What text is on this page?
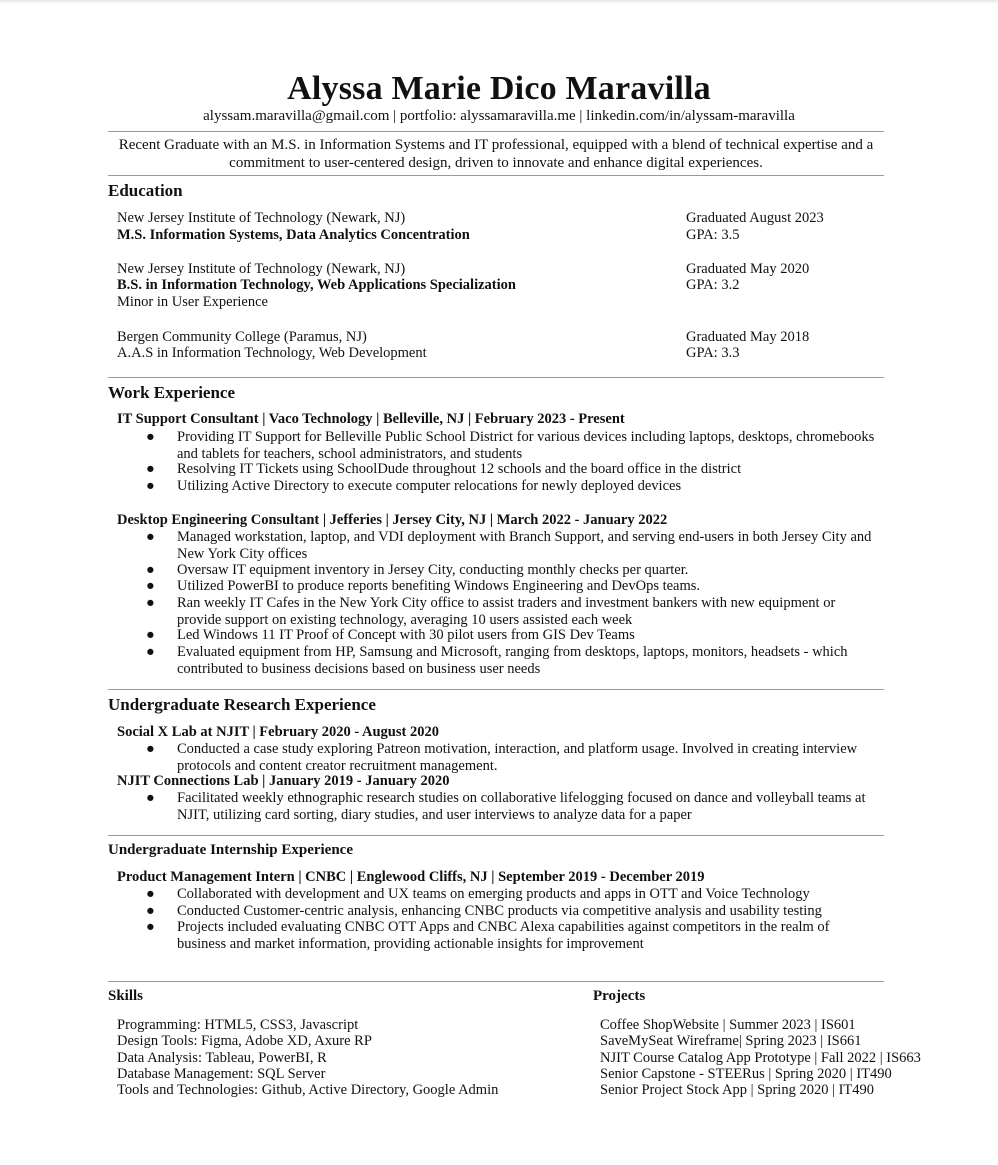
Alyssa Marie Dico Maravilla
alyssam.maravilla@gmail.com | portfolio: alyssamaravilla.me | linkedin.com/in/alyssam-maravilla
Recent Graduate with an M.S. in Information Systems and IT professional, equipped with a blend of technical expertise and a commitment to user-centered design, driven to innovate and enhance digital experiences.
Education
New Jersey Institute of Technology (Newark, NJ)
M.S. Information Systems, Data Analytics Concentration
Graduated August 2023
GPA: 3.5
New Jersey Institute of Technology (Newark, NJ)
B.S. in Information Technology, Web Applications Specialization
Minor in User Experience
Graduated May 2020
GPA: 3.2
Bergen Community College (Paramus, NJ)
A.A.S in Information Technology, Web Development
Graduated May 2018
GPA: 3.3
Work Experience
IT Support Consultant | Vaco Technology | Belleville, NJ | February 2023 - Present
● Providing IT Support for Belleville Public School District for various devices including laptops, desktops, chromebooks and tablets for teachers, school administrators, and students
● Resolving IT Tickets using SchoolDude throughout 12 schools and the board office in the district
● Utilizing Active Directory to execute computer relocations for newly deployed devices
Desktop Engineering Consultant | Jefferies | Jersey City, NJ | March 2022 - January 2022
● Managed workstation, laptop, and VDI deployment with Branch Support, and serving end-users in both Jersey City and New York City offices
● Oversaw IT equipment inventory in Jersey City, conducting monthly checks per quarter.
● Utilized PowerBI to produce reports benefiting Windows Engineering and DevOps teams.
● Ran weekly IT Cafes in the New York City office to assist traders and investment bankers with new equipment or provide support on existing technology, averaging 10 users assisted each week
● Led Windows 11 IT Proof of Concept with 30 pilot users from GIS Dev Teams
● Evaluated equipment from HP, Samsung and Microsoft, ranging from desktops, laptops, monitors, headsets - which contributed to business decisions based on business user needs
Undergraduate Research Experience
Social X Lab at NJIT | February 2020 - August 2020
● Conducted a case study exploring Patreon motivation, interaction, and platform usage. Involved in creating interview protocols and content creator recruitment management.
NJIT Connections Lab | January 2019 - January 2020
● Facilitated weekly ethnographic research studies on collaborative lifelogging focused on dance and volleyball teams at NJIT, utilizing card sorting, diary studies, and user interviews to analyze data for a paper
Undergraduate Internship Experience
Product Management Intern | CNBC | Englewood Cliffs, NJ | September 2019 - December 2019
● Collaborated with development and UX teams on emerging products and apps in OTT and Voice Technology
● Conducted Customer-centric analysis, enhancing CNBC products via competitive analysis and usability testing
● Projects included evaluating CNBC OTT Apps and CNBC Alexa capabilities against competitors in the realm of business and market information, providing actionable insights for improvement
Skills
Programming: HTML5, CSS3, Javascript
Design Tools: Figma, Adobe XD, Axure RP
Data Analysis: Tableau, PowerBI, R
Database Management: SQL Server
Tools and Technologies: Github, Active Directory, Google Admin
Projects
Coffee ShopWebsite | Summer 2023 | IS601
SaveMySeat Wireframe| Spring 2023 | IS661
NJIT Course Catalog App Prototype | Fall 2022 | IS663
Senior Capstone - STEERus | Spring 2020 | IT490
Senior Project Stock App | Spring 2020 | IT490
